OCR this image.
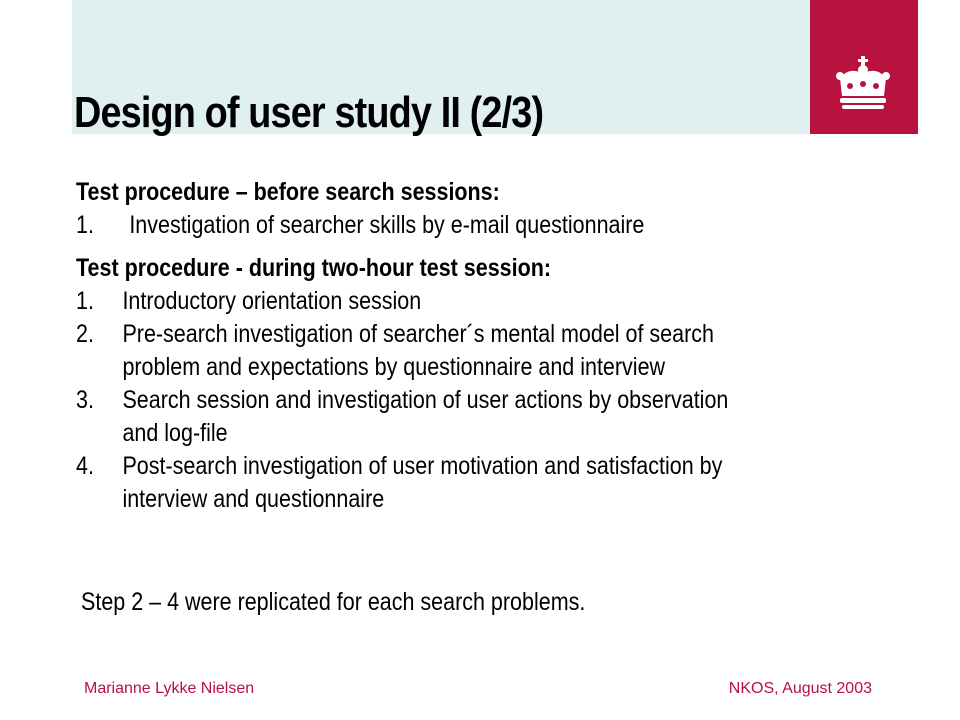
Design of user study II (2/3)

Test procedure – before search sessions:

1. Investigation of searcher skills by e-mail questionnaire

Test procedure - during two-hour test session:

1. Introductory orientation session
2. Pre-search investigation of searcher´s mental model of search
problem and expectations by questionnaire and interview
3. Search session and investigation of user actions by observation
and log-file
4. Post-search investigation of user motivation and satisfaction by
interview and questionnaire

Step 2 – 4 were replicated for each search problems.

Marianne Lykke Nielsen	NKOS, August 2003
